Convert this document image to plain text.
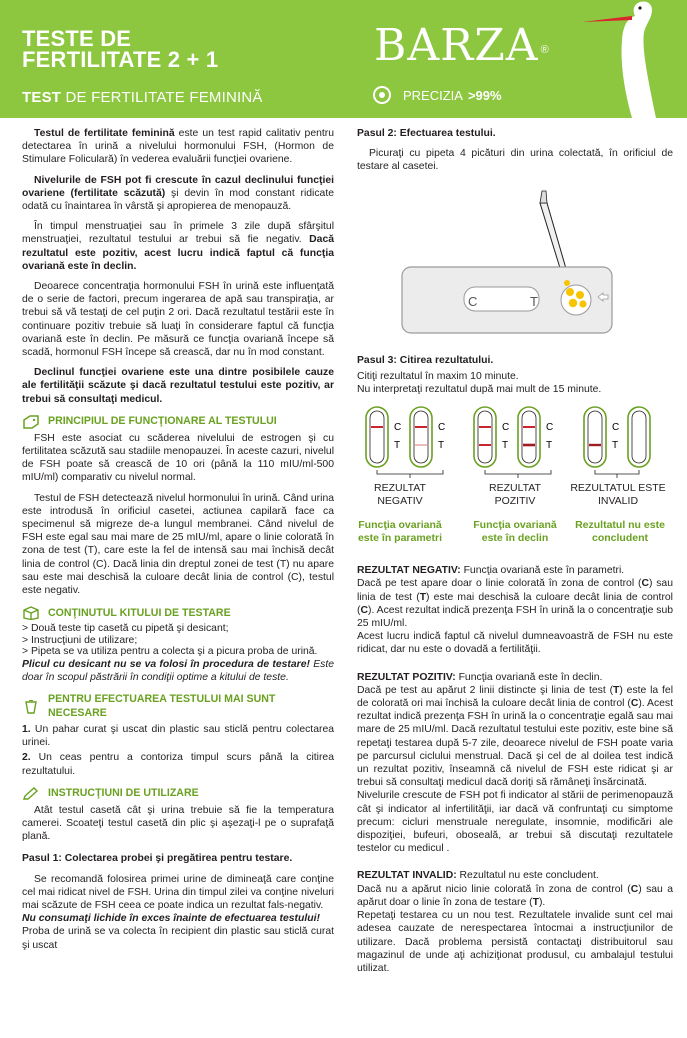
TESTE DE
FERTILITATE 2 + 1
TEST DE FERTILITATE FEMININĂ
BARZA ®
PRECIZIA >99%

Testul de fertilitate feminină este un test rapid calitativ pentru detectarea în urină a nivelului hormonului FSH, (Hormon de Stimulare Foliculară) în vederea evaluării funcţiei ovariene.

Nivelurile de FSH pot fi crescute în cazul declinului funcţiei ovariene (fertilitate scăzută) şi devin în mod constant ridicate odată cu înaintarea în vârstă şi apropierea de menopauză.

În timpul menstruaţiei sau în primele 3 zile după sfârşitul menstruaţiei, rezultatul testului ar trebui să fie negativ. Dacă rezultatul este pozitiv, acest lucru indică faptul că funcţia ovariană este în declin.

Deoarece concentraţia hormonului FSH în urină este influenţată de o serie de factori, precum ingerarea de apă sau transpiraţia, ar trebui să vă testaţi de cel puţin 2 ori. Dacă rezultatul testării este în continuare pozitiv trebuie să luaţi în considerare faptul că funcţia ovariană este în declin. Pe măsură ce funcţia ovariană începe să scadă, hormonul FSH începe să crească, dar nu în mod constant.

Declinul funcţiei ovariene este una dintre posibilele cauze ale fertilităţii scăzute şi dacă rezultatul testului este pozitiv, ar trebui să consultaţi medicul.

PRINCIPIUL DE FUNCŢIONARE AL TESTULUI

FSH este asociat cu scăderea nivelului de estrogen şi cu fertilitatea scăzută sau stadiile menopauzei. În aceste cazuri, nivelul de FSH poate să crească de 10 ori (până la 110 mIU/ml-500 mIU/ml) comparativ cu nivelul normal.

Testul de FSH detectează nivelul hormonului în urină. Când urina este introdusă în orificiul casetei, actiunea capilară face ca specimenul să migreze de-a lungul membranei. Când nivelul de FSH este egal sau mai mare de 25 mIU/ml, apare o linie colorată în zona de test (T), care este la fel de intensă sau mai închisă decât linia de control (C). Dacă linia din dreptul zonei de test (T) nu apare sau este mai deschisă la culoare decât linia de control (C), testul este negativ.

CONŢINUTUL KITULUI DE TESTARE
> Două teste tip casetă cu pipetă şi desicant;
> Instrucţiuni de utilizare;
> Pipeta se va utiliza pentru a colecta şi a picura proba de urină.

Plicul cu desicant nu se va folosi în procedura de testare! Este doar în scopul păstrării în condiţii optime a kitului de teste.

PENTRU EFECTUAREA TESTULUI MAI SUNT NECESARE
1. Un pahar curat şi uscat din plastic sau sticlă pentru colectarea urinei.
2. Un ceas pentru a contoriza timpul scurs până la citirea rezultatului.
INSTRUCŢIUNI DE UTILIZARE

Atât testul casetă cât şi urina trebuie să fie la temperatura camerei. Scoateţi testul casetă din plic şi aşezaţi-l pe o suprafaţă plană.

Pasul 1: Colectarea probei şi pregătirea pentru testare.

Se recomandă folosirea primei urine de dimineaţă care conţine cel mai ridicat nivel de FSH. Urina din timpul zilei va conţine niveluri mai scăzute de FSH ceea ce poate indica un rezultat fals-negativ.

Nu consumaţi lichide în exces înainte de efectuarea testului!

Proba de urină se va colecta în recipient din plastic sau sticlă curat şi uscat

Pasul 2: Efectuarea testului.

Picuraţi cu pipeta 4 picături din urina colectată, în orificiul de testare al casetei.

C	T
Pasul 3: Citirea rezultatului.
Citiţi rezultatul în maxim 10 minute.
Nu interpretaţi rezultatul după mai mult de 15 minute.
C
T
C
T
C
T
C
T
C
T
REZULTAT
NEGATIV
REZULTAT
POZITIV
REZULTATUL ESTE
INVALID
Funcţia ovariană
este în parametri
Funcţia ovariană
este în declin
Rezultatul nu este
concludent
REZULTAT NEGATIV: Funcţia ovariană este în parametri.

Dacă pe test apare doar o linie colorată în zona de control (C) sau linia de test (T) este mai deschisă la culoare decât linia de control (C). Acest rezultat indică prezenţa FSH în urină la o concentraţie sub 25 mIU/ml.

Acest lucru indică faptul că nivelul dumneavoastră de FSH nu este ridicat, dar nu este o dovadă a fertilităţii.

REZULTAT POZITIV: Funcţia ovariană este în declin.

Dacă pe test au apărut 2 linii distincte şi linia de test (T) este la fel de colorată ori mai închisă la culoare decât linia de control (C). Acest rezultat indică prezenţa FSH în urină la o concentraţie egală sau mai mare de 25 mIU/ml. Dacă rezultatul testului este pozitiv, este bine să repetaţi testarea după 5-7 zile, deoarece nivelul de FSH poate varia pe parcursul ciclului menstrual. Dacă şi cel de al doilea test indică un rezultat pozitiv, înseamnă că nivelul de FSH este ridicat şi ar trebui să consultaţi medicul dacă doriţi să rămâneţi însărcinată.

Nivelurile crescute de FSH pot fi indicator al stării de perimenopauză cât şi indicator al infertilităţii, iar dacă vă confruntaţi cu simptome precum: cicluri menstruale neregulate, insomnie, modificări ale dispoziţiei, bufeuri, oboseală, ar trebui să discutaţi rezultatele testelor cu medicul .

REZULTAT INVALID: Rezultatul nu este concludent.

Dacă nu a apărut nicio linie colorată în zona de control (C) sau a apărut doar o linie în zona de testare (T).

Repetaţi testarea cu un nou test. Rezultatele invalide sunt cel mai adesea cauzate de nerespectarea întocmai a instrucţiunilor de utilizare. Dacă problema persistă contactaţi distribuitorul sau magazinul de unde aţi achiziţionat produsul, cu ambalajul testului utilizat.
